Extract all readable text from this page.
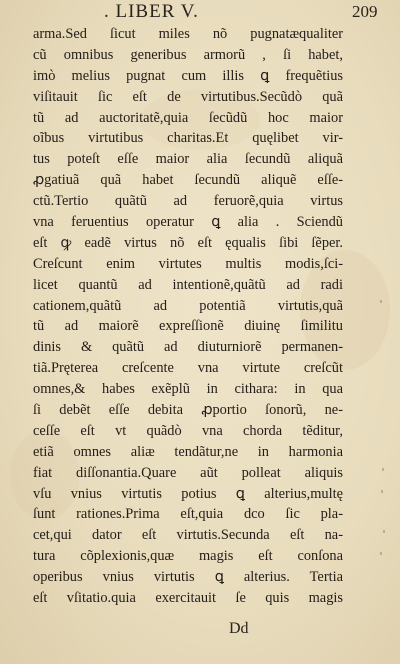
. LIBER V.	209
arma.Sed ſicut miles nõ pugnatæqualiter
cũ omnibus generibus armorũ , ſi habet,
imò melius pugnat cum illis ꝗ frequẽtius
viſitauit ſic eſt de virtutibus.Secũdò quã
tũ ad auctoritatẽ,quia ſecũdũ hoc maior
oĩbus virtutibus charitas.Et quęlibet vir-
tus poteſt eſſe maior alia ſecundũ aliquã
ꝓgatiuã quã habet ſecundũ aliquẽ eſſe-
ctũ.Tertio quãtũ ad feruorẽ,quia virtus
vna feruentius operatur ꝗ alia . Sciendũ
eſt ꝙ eadẽ virtus nõ eſt ęqualis ſibi ſẽper.
Creſcunt enim virtutes multis modis,ſci-
licet quantũ ad intentionẽ,quãtũ ad radi
cationem,quãtũ ad potentiã virtutis,quã
tũ ad maiorẽ expreſſionẽ diuinę ſimilitu
dinis & quãtũ ad diuturniorẽ permanen-
tiã.Pręterea creſcente vna virtute creſcũt
omnes,& habes exẽplũ in cithara: in qua
ſi debẽt eſſe debita ꝓportio ſonorũ, ne-
ceſſe eſt vt quãdò vna chorda tẽditur,
etiã omnes aliæ tendãtur,ne in harmonia
fiat diſſonantia.Quare aũt polleat aliquis
vſu vnius virtutis potius ꝗ alterius,multę
ſunt rationes.Prima eſt,quia dco ſic pla-
cet,qui dator eſt virtutis.Secunda eſt na-
tura cõplexionis,quæ magis eſt conſona
operibus vnius virtutis ꝗ alterius. Tertia
eſt vſitatio.quia exercitauit ſe quis magis
Dd
